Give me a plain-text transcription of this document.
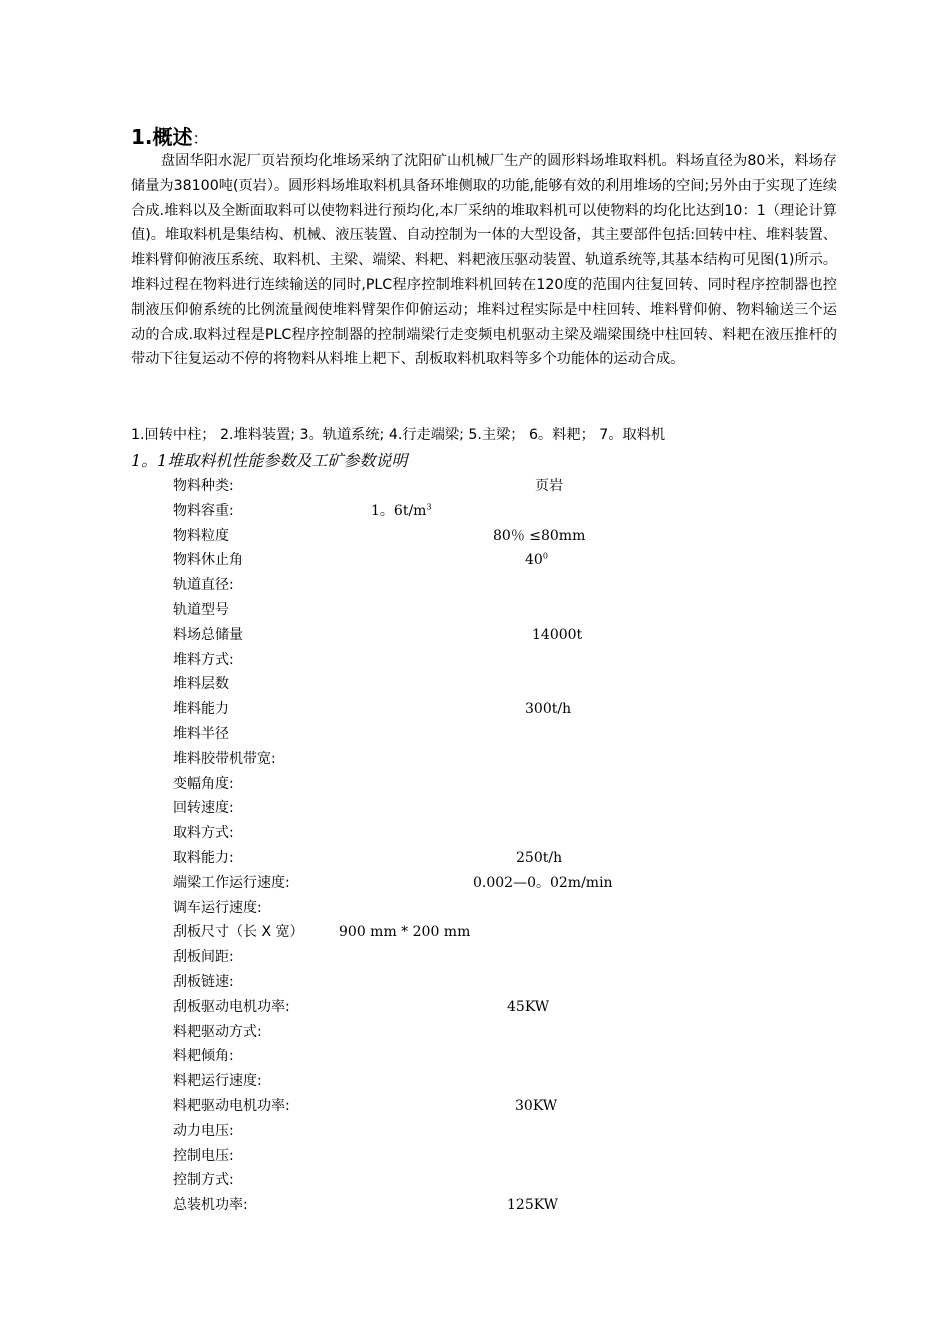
1.概述：

盘固华阳水泥厂页岩预均化堆场采纳了沈阳矿山机械厂生产的圆形料场堆取料机。料场直径为80米，料场存储量为38100吨(页岩）。圆形料场堆取料机具备环堆侧取的功能,能够有效的利用堆场的空间;另外由于实现了连续合成.堆料以及全断面取料可以使物料进行预均化,本厂采纳的堆取料机可以使物料的均化比达到10：1（理论计算值)。堆取料机是集结构、机械、液压装置、自动控制为一体的大型设备，其主要部件包括:回转中柱、堆料装置、堆料臂仰俯液压系统、取料机、主梁、端梁、料耙、料耙液压驱动装置、轨道系统等,其基本结构可见图(1)所示。堆料过程在物料进行连续输送的同时,PLC程序控制堆料机回转在120度的范围内往复回转、同时程序控制器也控制液压仰俯系统的比例流量阀使堆料臂架作仰俯运动；堆料过程实际是中柱回转、堆料臂仰俯、物料输送三个运动的合成.取料过程是PLC程序控制器的控制端梁行走变频电机驱动主梁及端梁围绕中柱回转、料耙在液压推杆的带动下往复运动不停的将物料从料堆上耙下、刮板取料机取料等多个功能体的运动合成。

1.回转中柱； 2.堆料装置; 3。轨道系统; 4.行走端梁; 5.主梁； 6。料耙； 7。取料机
1。1堆取料机性能参数及工矿参数说明
物料种类:	页岩
物料容重:	1。$6t/m^3$
物料粒度	80％ ≤80mm
物料休止角	$40^0$
轨道直径:
轨道型号
料场总储量	14000t
堆料方式:
堆料层数
堆料能力	300t/h
堆料半径
堆料胶带机带宽:
变幅角度:
回转速度:
取料方式:
取料能力:	250t/h
端梁工作运行速度:	0.002—0。02m/min
调车运行速度:
刮板尺寸（长 X 宽）	900 mm * 200 mm
刮板间距:
刮板链速:
刮板驱动电机功率:	45KW
料耙驱动方式:
料耙倾角:
料耙运行速度:
料耙驱动电机功率:	30KW
动力电压:
控制电压:
控制方式:
总装机功率:	125KW
